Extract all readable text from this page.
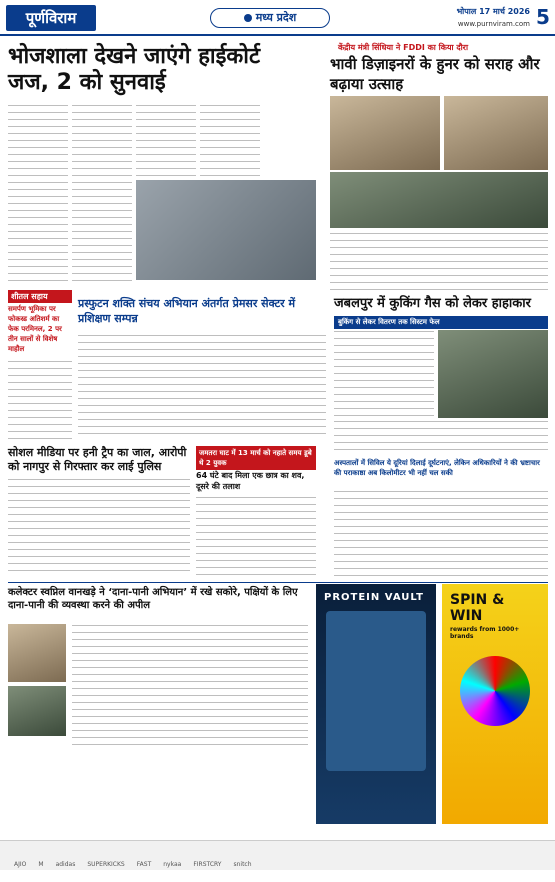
पूर्णविराम	मध्य प्रदेश	भोपाल 17 मार्च 2026
www.purnviram.com 5
भोजशाला देखने जाएंगे हाईकोर्ट जज, 2 को सुनवाई
केंद्रीय मंत्री सिंधिया ने FDDI का किया दौरा
भावी डिज़ाइनरों के हुनर को सराह और बढ़ाया उत्साह
शीतल सहाय
समर्पण भूमिका पर फोकस्ड अतिशर्म का फेक परमिनल, 2 पर तीन सालों से विशेष माहौल
प्रस्फुटन शक्ति संचय अभियान अंतर्गत प्रेमसर सेक्टर में प्रशिक्षण सम्पन्न
जबलपुर में कुकिंग गैस को लेकर हाहाकार
बुकिंग से लेकर वितरण तक सिस्टम फेल
सोशल मीडिया पर हनी ट्रैप का जाल, आरोपी को नागपुर से गिरफ्तार कर लाई पुलिस
जमतरा घाट में 13 मार्च को नहाते समय डूबे थे 2 युवक
64 घंटे बाद मिला एक छात्र का शव, दूसरे की तलाश
अस्पतालों में सिविल ये दूरियां दिलाई दूर्घटनाएं, लेकिन अधिकारियों ने की भ्रष्टाचार की पराकाष्ठा अब किलोमीटर भी नहीं चल सकी
कलेक्टर स्वप्निल वानखड़े ने ‘दाना-पानी अभियान’ में रखे सकोरे, पक्षियों के लिए दाना-पानी की व्यवस्था करने की अपील
PROTEIN VAULT SPIN & WIN
rewards from 1000+ brands
AJIO M adidas SUPERKICKS FAST nykaa FIRSTCRY snitch
